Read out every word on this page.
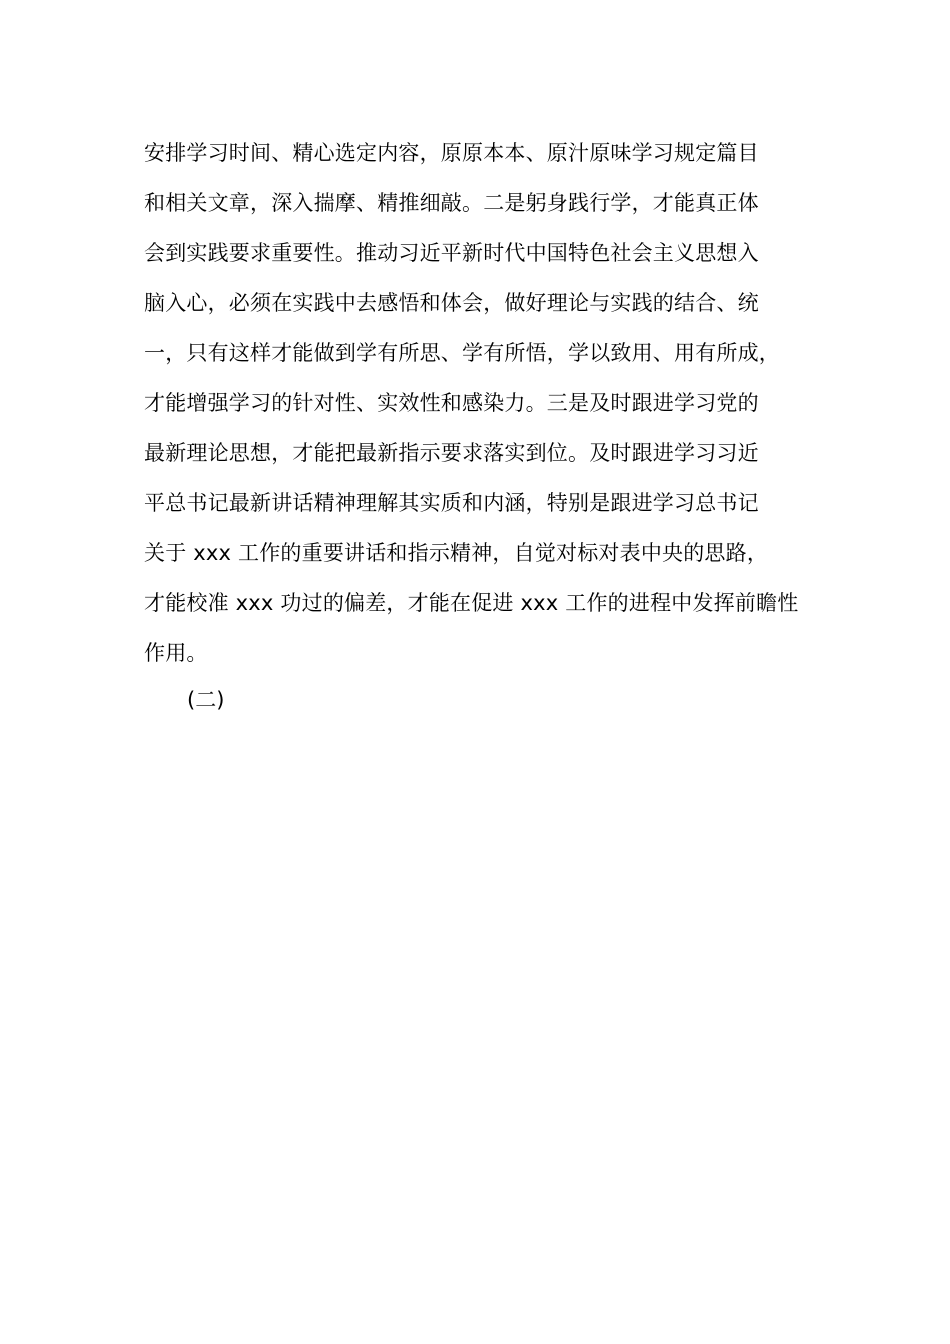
安排学习时间、精心选定内容，原原本本、原汁原味学习规定篇目
和相关文章，深入揣摩、精推细敲。二是躬身践行学，才能真正体
会到实践要求重要性。推动习近平新时代中国特色社会主义思想入
脑入心，必须在实践中去感悟和体会，做好理论与实践的结合、统
一，只有这样才能做到学有所思、学有所悟，学以致用、用有所成，
才能增强学习的针对性、实效性和感染力。三是及时跟进学习党的
最新理论思想，才能把最新指示要求落实到位。及时跟进学习习近
平总书记最新讲话精神理解其实质和内涵，特别是跟进学习总书记
关于 xxx 工作的重要讲话和指示精神，自觉对标对表中央的思路，
才能校准 xxx 功过的偏差，才能在促进 xxx 工作的进程中发挥前瞻性
作用。
(二)
